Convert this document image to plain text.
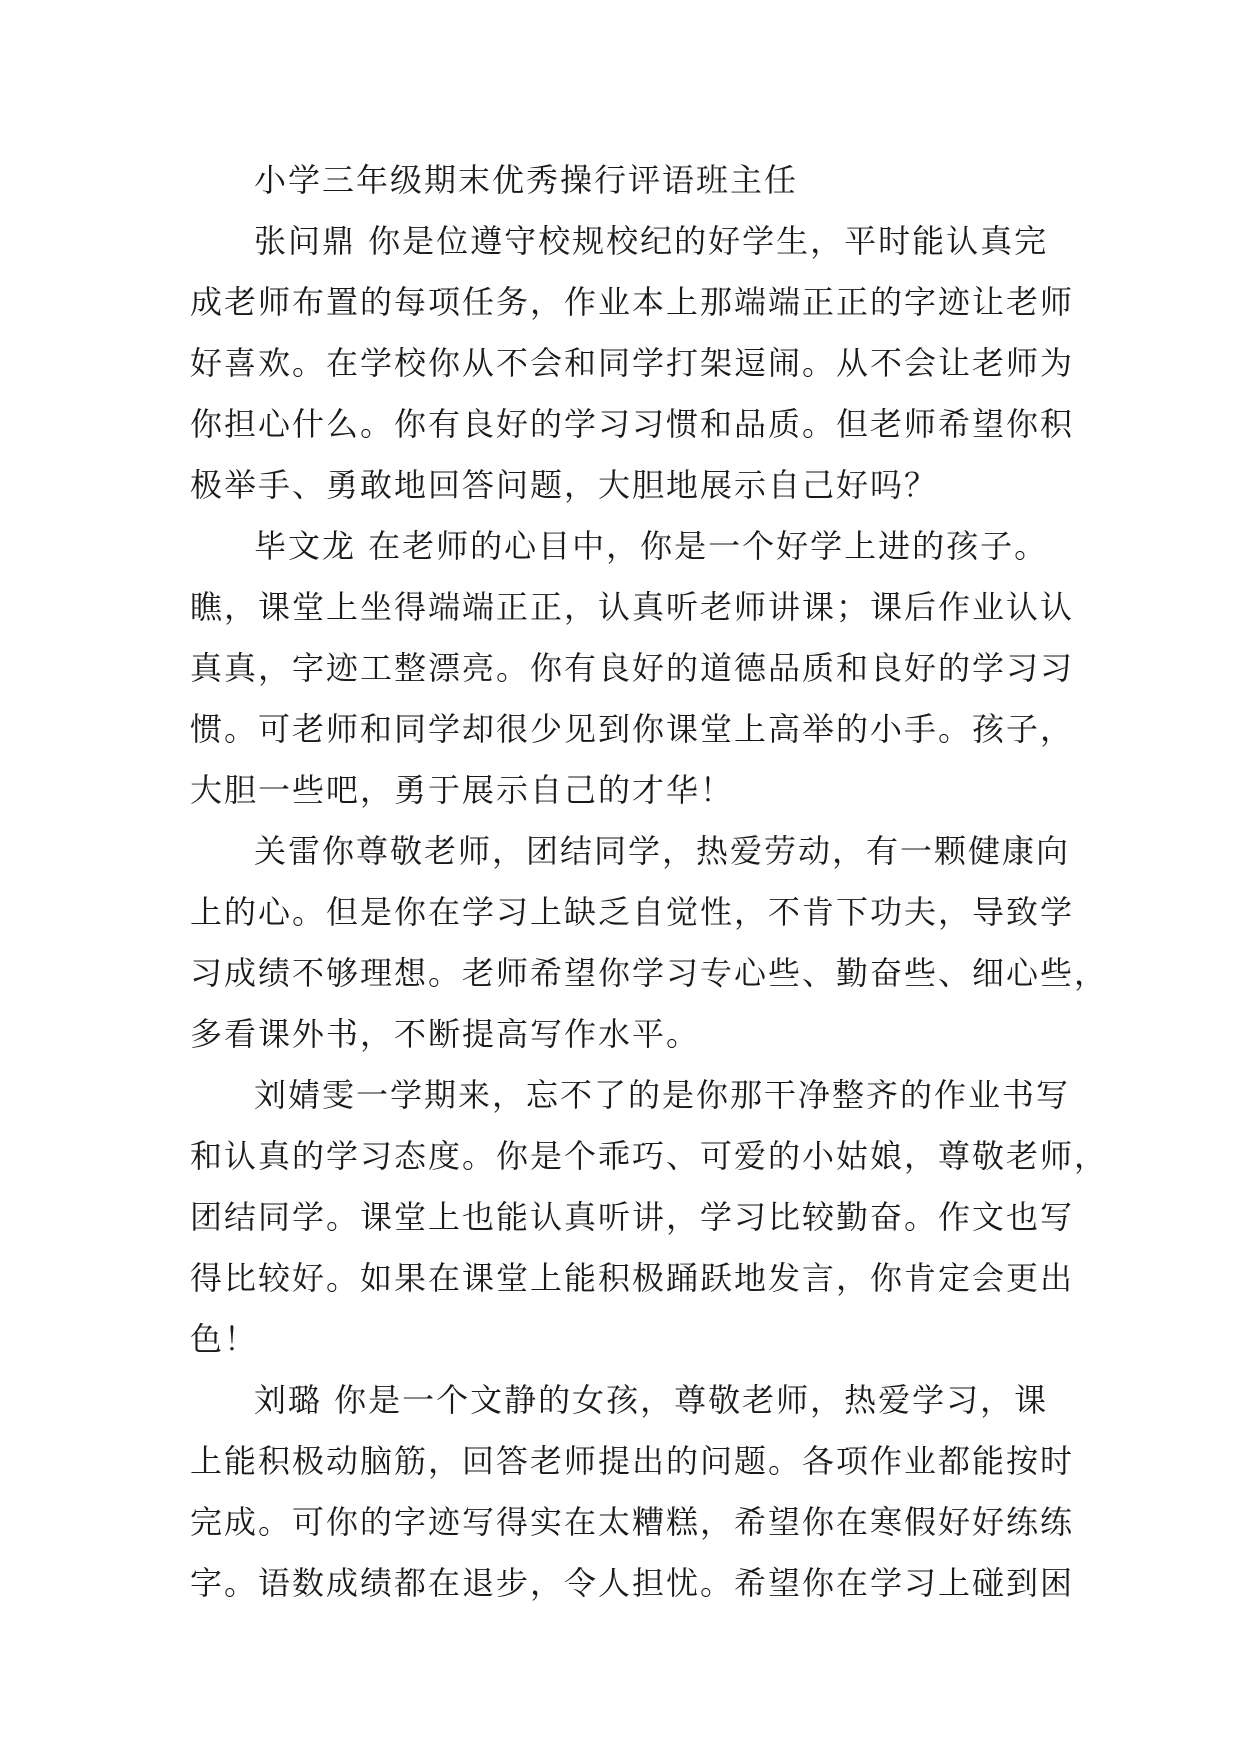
小学三年级期末优秀操行评语班主任
张问鼎 你是位遵守校规校纪的好学生，平时能认真完
成老师布置的每项任务，作业本上那端端正正的字迹让老师
好喜欢。在学校你从不会和同学打架逗闹。从不会让老师为
你担心什么。你有良好的学习习惯和品质。但老师希望你积
极举手、勇敢地回答问题，大胆地展示自己好吗？
毕文龙 在老师的心目中，你是一个好学上进的孩子。
瞧，课堂上坐得端端正正，认真听老师讲课；课后作业认认
真真，字迹工整漂亮。你有良好的道德品质和良好的学习习
惯。可老师和同学却很少见到你课堂上高举的小手。孩子，
大胆一些吧，勇于展示自己的才华！
关雷你尊敬老师，团结同学，热爱劳动，有一颗健康向
上的心。但是你在学习上缺乏自觉性，不肯下功夫，导致学
习成绩不够理想。老师希望你学习专心些、勤奋些、细心些，
多看课外书，不断提高写作水平。
刘婧雯一学期来，忘不了的是你那干净整齐的作业书写
和认真的学习态度。你是个乖巧、可爱的小姑娘，尊敬老师，
团结同学。课堂上也能认真听讲，学习比较勤奋。作文也写
得比较好。如果在课堂上能积极踊跃地发言，你肯定会更出
色！
刘璐 你是一个文静的女孩，尊敬老师，热爱学习，课
上能积极动脑筋，回答老师提出的问题。各项作业都能按时
完成。可你的字迹写得实在太糟糕，希望你在寒假好好练练
字。语数成绩都在退步，令人担忧。希望你在学习上碰到困
